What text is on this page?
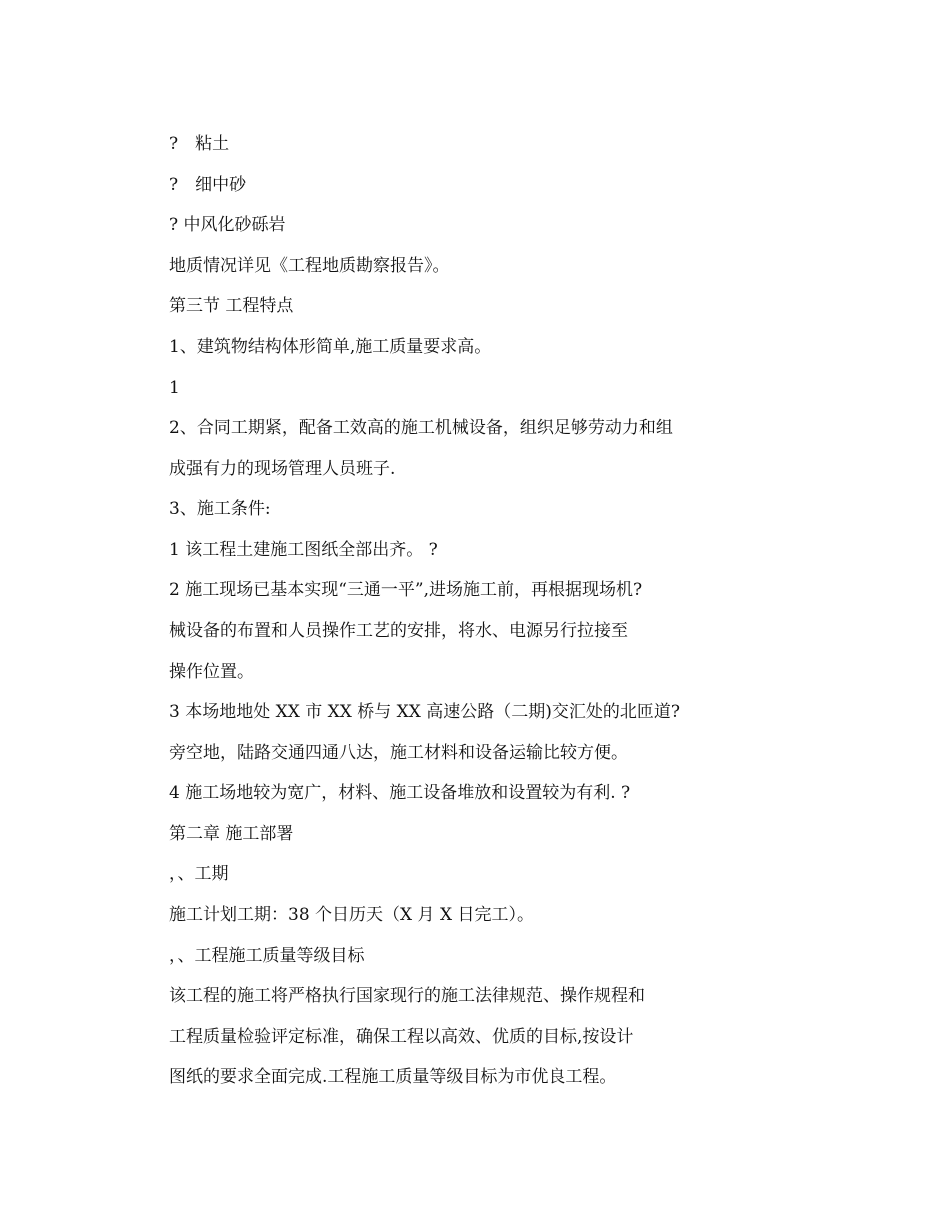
?　粘土
?　细中砂
? 中风化砂砾岩
地质情况详见《工程地质勘察报告》。
第三节 工程特点
1、建筑物结构体形简单,施工质量要求高。
1
2、合同工期紧，配备工效高的施工机械设备，组织足够劳动力和组
成强有力的现场管理人员班子.
3、施工条件:
1 该工程土建施工图纸全部出齐。 ?
2 施工现场已基本实现“三通一平”,进场施工前，再根据现场机?
械设备的布置和人员操作工艺的安排，将水、电源另行拉接至
操作位置。
3 本场地地处 XX 市 XX 桥与 XX 高速公路（二期)交汇处的北匝道?
旁空地，陆路交通四通八达，施工材料和设备运输比较方便。
4 施工场地较为宽广，材料、施工设备堆放和设置较为有利. ?
第二章 施工部署
，、工期
施工计划工期：38 个日历天（X 月 X 日完工）。
，、工程施工质量等级目标
该工程的施工将严格执行国家现行的施工法律规范、操作规程和
工程质量检验评定标准，确保工程以高效、优质的目标,按设计
图纸的要求全面完成.工程施工质量等级目标为市优良工程。
